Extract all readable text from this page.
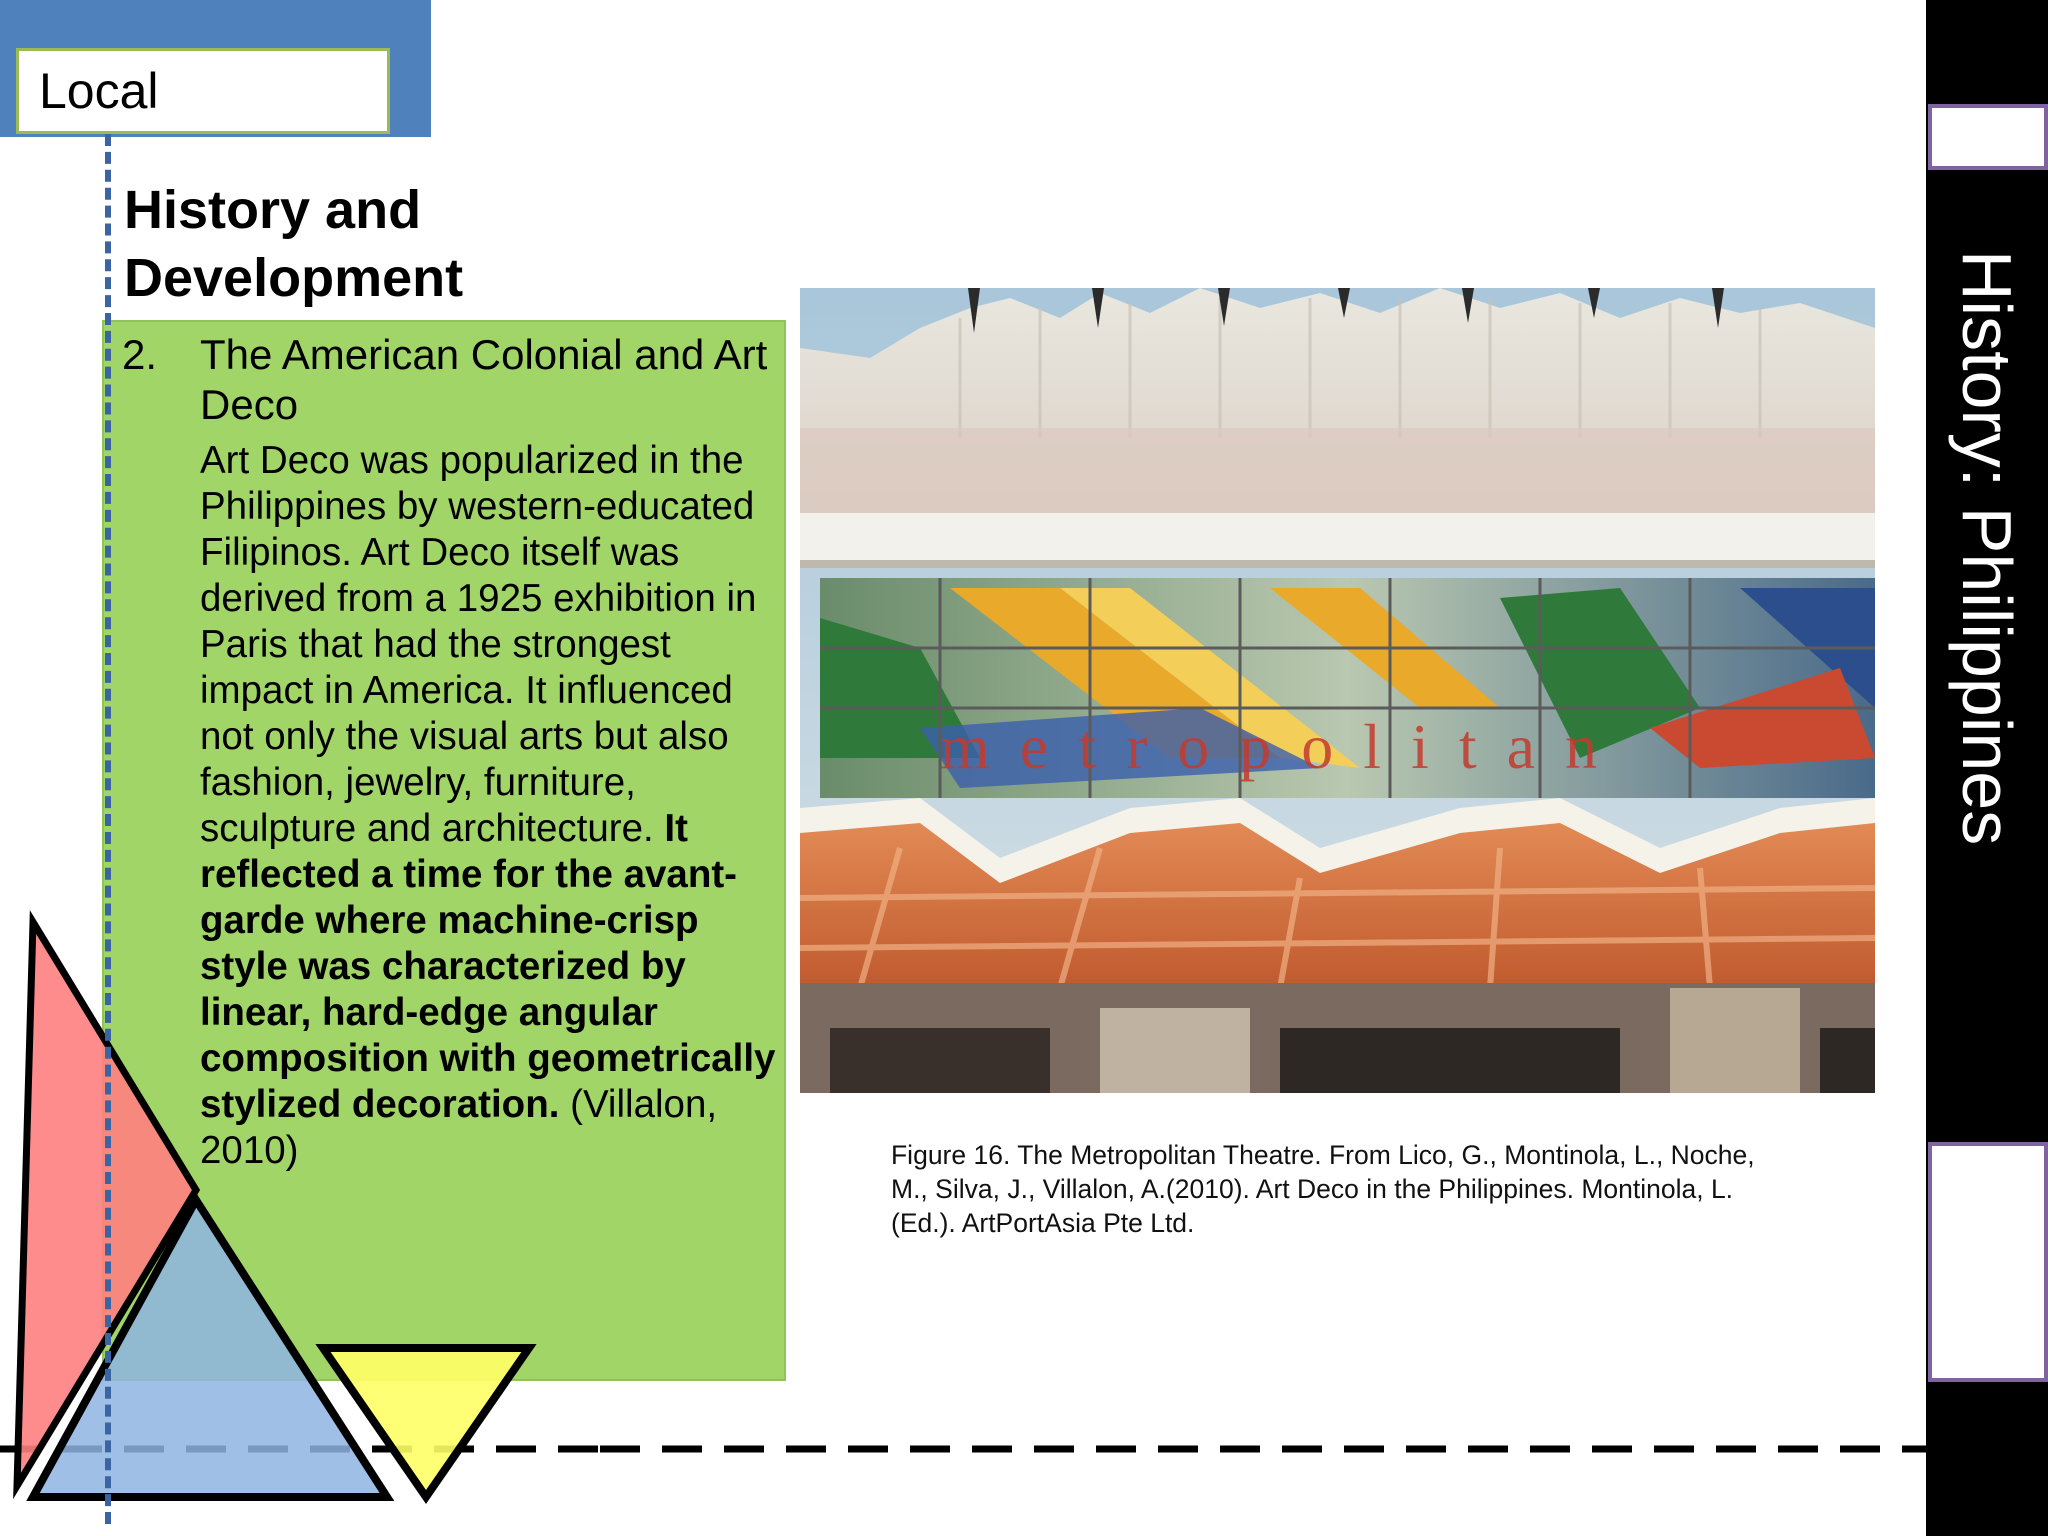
Local
History: Philippines
History and
Development
2. The American Colonial and Art Deco
Art Deco was popularized in the Philippines by western-educated Filipinos. Art Deco itself was derived from a 1925 exhibition in Paris that had the strongest impact in America. It influenced not only the visual arts but also fashion, jewelry, furniture, sculpture and architecture. It reflected a time for the avant-garde where machine-crisp style was characterized by linear, hard-edge angular composition with geometrically stylized decoration. (Villalon, 2010)
metropolitan
Figure 16. The Metropolitan Theatre. From Lico, G., Montinola, L., Noche, M., Silva, J., Villalon, A.(2010). Art Deco in the Philippines. Montinola, L. (Ed.). ArtPortAsia Pte Ltd.
